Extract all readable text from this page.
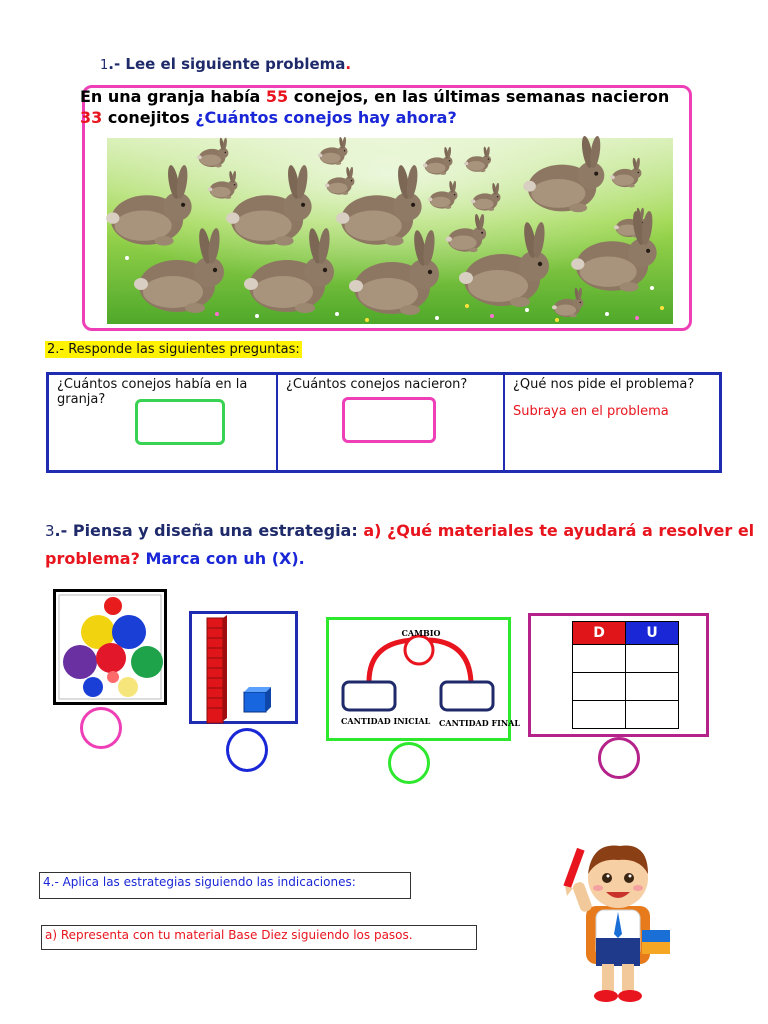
1.- Lee el siguiente problema.
En una granja había 55 conejos, en las últimas semanas nacieron 33 conejitos ¿Cuántos conejos hay ahora?
2.- Responde las siguientes preguntas:
¿Cuántos conejos había en la granja?
¿Cuántos conejos nacieron?	¿Qué nos pide el problema?
Subraya en el problema
3.- Piensa y diseña una estrategia: a) ¿Qué materiales te ayudará a resolver el
problema? Marca con uh (X).
CAMBIO
CANTIDAD INICIAL CANTIDAD FINAL
D	U
4.- Aplica las estrategias siguiendo las indicaciones:
a) Representa con tu material Base Diez siguiendo los pasos.
